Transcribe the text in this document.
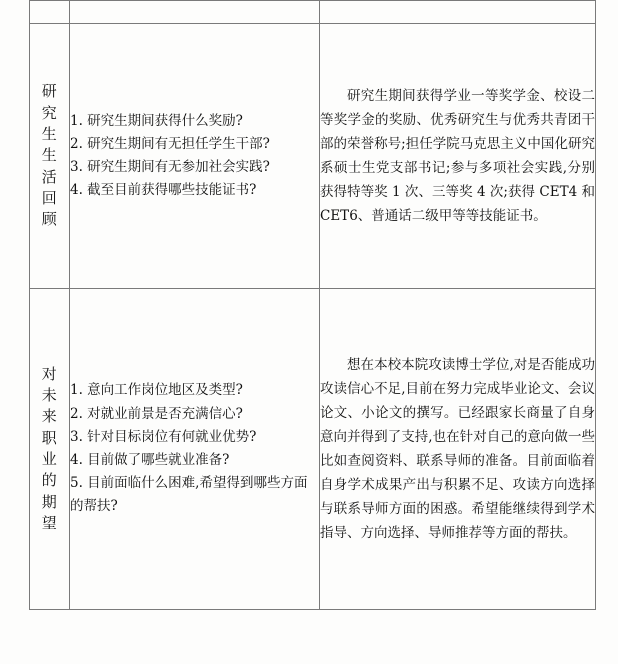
研
究
生
生
活
回
顾

1. 研究生期间获得什么奖励?
2. 研究生期间有无担任学生干部?
3. 研究生期间有无参加社会实践?
4. 截至目前获得哪些技能证书?

研究生期间获得学业一等奖学金、校设二等奖学金的奖励、优秀研究生与优秀共青团干部的荣誉称号;担任学院马克思主义中国化研究系硕士生党支部书记;参与多项社会实践,分别获得特等奖 1 次、三等奖 4 次;获得 CET4 和 CET6、普通话二级甲等等技能证书。

对
未
来
职
业
的
期
望

1. 意向工作岗位地区及类型?
2. 对就业前景是否充满信心?
3. 针对目标岗位有何就业优势?
4. 目前做了哪些就业准备?
5. 目前面临什么困难,希望得到哪些方面的帮扶?

想在本校本院攻读博士学位,对是否能成功攻读信心不足,目前在努力完成毕业论文、会议论文、小论文的撰写。已经跟家长商量了自身意向并得到了支持,也在针对自己的意向做一些比如查阅资料、联系导师的准备。目前面临着自身学术成果产出与积累不足、攻读方向选择与联系导师方面的困惑。希望能继续得到学术指导、方向选择、导师推荐等方面的帮扶。
